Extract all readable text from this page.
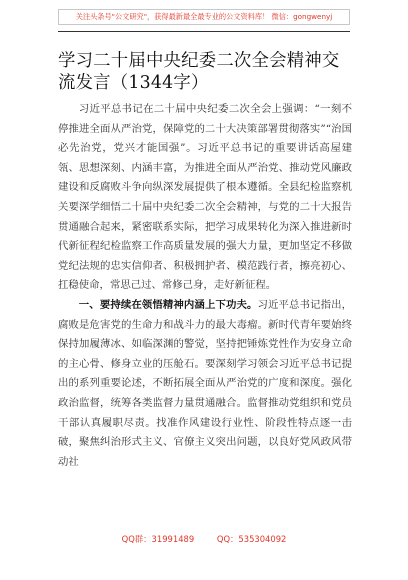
关注头条号"公文研究"，获得最新最全最专业的公文资料库！ 微信：gongwenyj
学习二十届中央纪委二次全会精神交流发言（1344字）

习近平总书记在二十届中央纪委二次全会上强调：“一刻不停推进全面从严治党，保障党的二十大决策部署贯彻落实”“治国必先治党，党兴才能国强”。习近平总书记的重要讲话高屋建瓴、思想深刻、内涵丰富，为推进全面从严治党、推动党风廉政建设和反腐败斗争向纵深发展提供了根本遵循。全县纪检监察机关要深学细悟二十届中央纪委二次全会精神，与党的二十大报告贯通融合起来，紧密联系实际，把学习成果转化为深入推进新时代新征程纪检监察工作高质量发展的强大力量，更加坚定不移做党纪法规的忠实信仰者、积极拥护者、模范践行者，擦亮初心、扛稳使命，常思己过、常修己身，走好新征程。

一、要持续在领悟精神内涵上下功夫。习近平总书记指出，腐败是危害党的生命力和战斗力的最大毒瘤。新时代青年要始终保持加履薄冰、如临深渊的警觉，坚持把锤炼党性作为安身立命的主心骨、修身立业的压舱石。要深刻学习领会习近平总书记提出的系列重要论述，不断拓展全面从严治党的广度和深度。强化政治监督，统筹各类监督力量贯通融合。监督推动党组织和党员干部认真履职尽责。找准作风建设行业性、阶段性特点逐一击破，聚焦纠治形式主义、官僚主义突出问题，以良好党风政风带动社

QQ群：31991489	QQ：535304092
